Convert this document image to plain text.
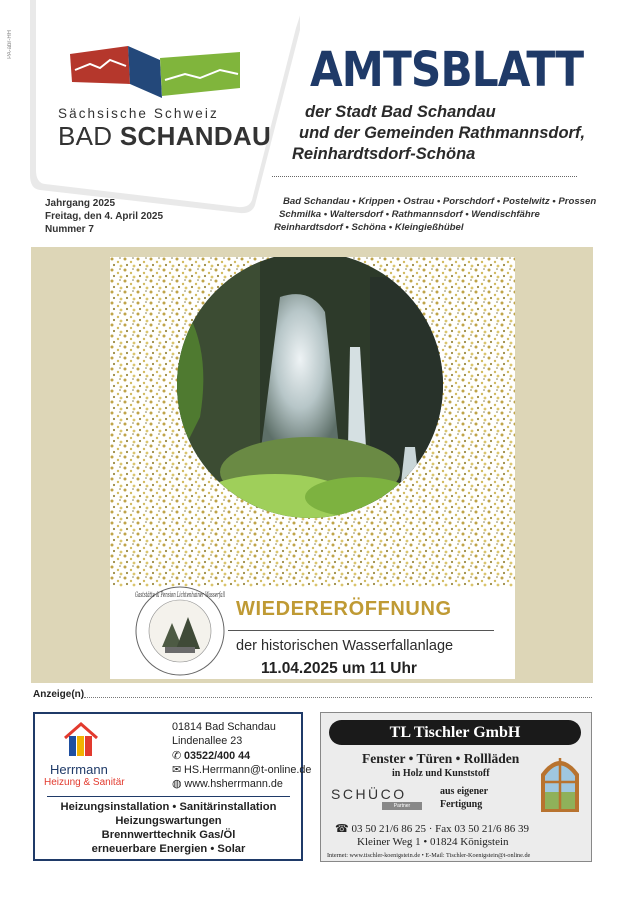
PA-abr-HH
Sächsische Schweiz
BAD SCHANDAU
AMTSBLATT
der Stadt Bad Schandau
und der Gemeinden Rathmannsdorf,
Reinhardtsdorf-Schöna
Jahrgang 2025
Freitag, den 4. April 2025
Nummer 7
Bad Schandau • Krippen • Ostrau • Porschdorf • Postelwitz • Prossen
Schmilka • Waltersdorf • Rathmannsdorf • Wendischfähre
Reinhardtsdorf • Schöna • Kleingießhübel
Gaststätte & Pension Lichtenhainer Wasserfall
WIEDERERÖFFNUNG
der historischen Wasserfallanlage
11.04.2025 um 11 Uhr
Anzeige(n)
Herrmann
Heizung & Sanitär
01814 Bad Schandau
Lindenallee 23
✆ 03522/400 44
✉ HS.Herrmann@t-online.de
◍ www.hsherrmann.de
Heizungsinstallation • Sanitärinstallation
Heizungswartungen
Brennwerttechnik Gas/Öl
erneuerbare Energien • Solar
TL Tischler GmbH
Fenster • Türen • Rollläden
in Holz und Kunststoff
SCHÜCO
Partner
aus eigener
Fertigung
☎ 03 50 21/6 86 25 · Fax 03 50 21/6 86 39
Kleiner Weg 1 • 01824 Königstein
Internet: www.tischler-koenigstein.de • E-Mail: Tischler-Koenigstein@t-online.de
